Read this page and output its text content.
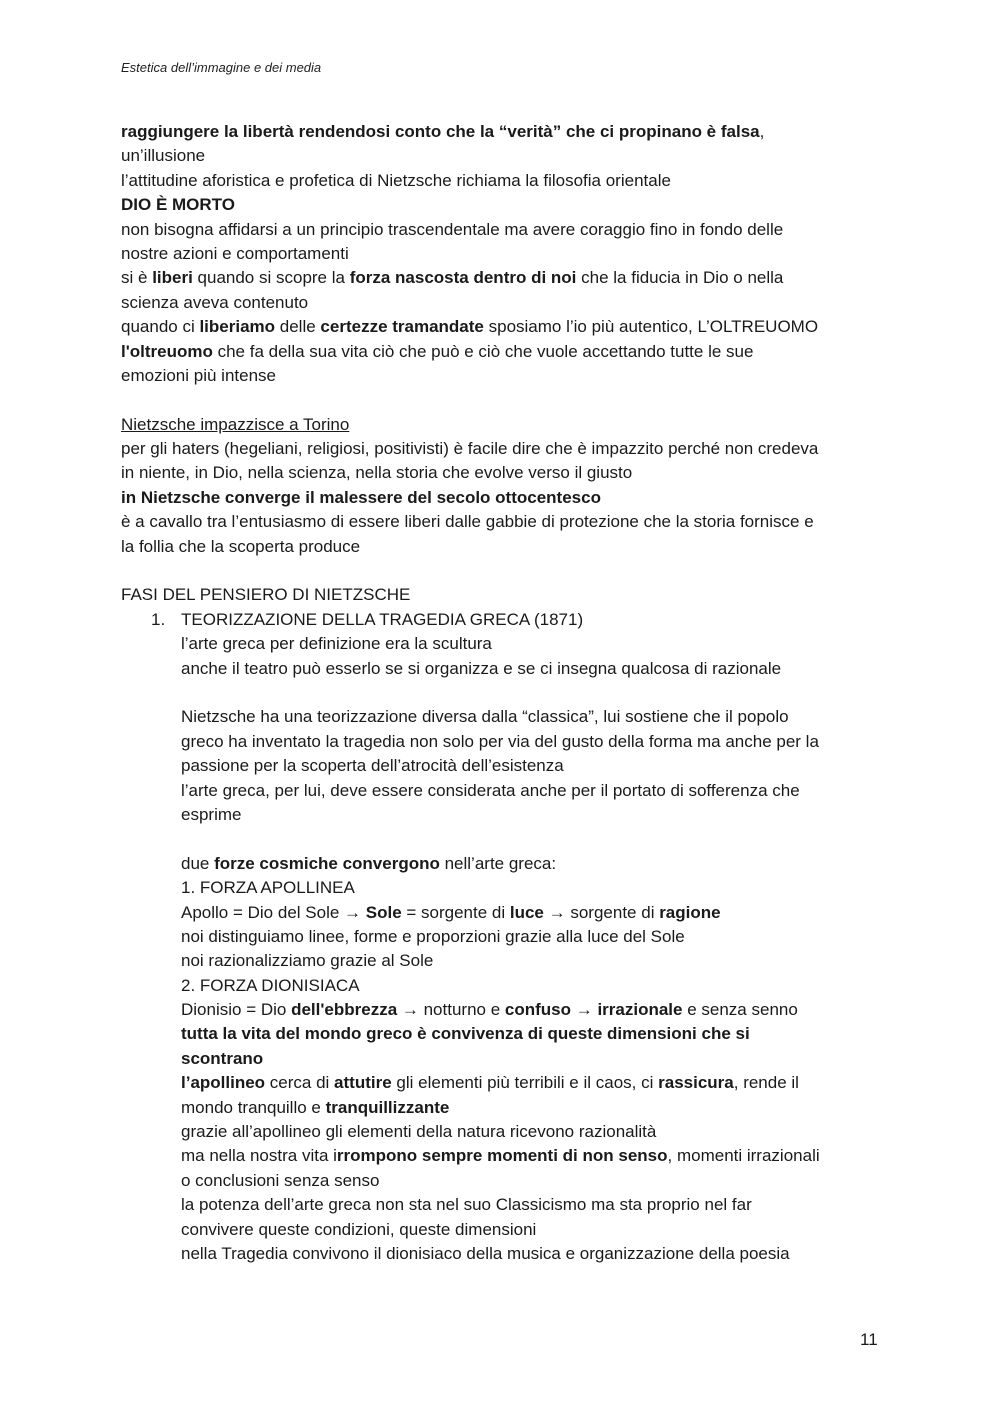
Estetica dell’immagine e dei media
raggiungere la libertà rendendosi conto che la “verità” che ci propinano è falsa,
un’illusione
l’attitudine aforistica e profetica di Nietzsche richiama la filosofia orientale
DIO È MORTO
non bisogna affidarsi a un principio trascendentale ma avere coraggio fino in fondo delle
nostre azioni e comportamenti
si è liberi quando si scopre la forza nascosta dentro di noi che la fiducia in Dio o nella
scienza aveva contenuto
quando ci liberiamo delle certezze tramandate sposiamo l’io più autentico, L’OLTREUOMO
l'oltreuomo che fa della sua vita ciò che può e ciò che vuole accettando tutte le sue
emozioni più intense
Nietzsche impazzisce a Torino
per gli haters (hegeliani, religiosi, positivisti) è facile dire che è impazzito perché non credeva
in niente, in Dio, nella scienza, nella storia che evolve verso il giusto
in Nietzsche converge il malessere del secolo ottocentesco
è a cavallo tra l’entusiasmo di essere liberi dalle gabbie di protezione che la storia fornisce e
la follia che la scoperta produce
FASI DEL PENSIERO DI NIETZSCHE
1. TEORIZZAZIONE DELLA TRAGEDIA GRECA (1871)
l’arte greca per definizione era la scultura
anche il teatro può esserlo se si organizza e se ci insegna qualcosa di razionale
Nietzsche ha una teorizzazione diversa dalla “classica”, lui sostiene che il popolo
greco ha inventato la tragedia non solo per via del gusto della forma ma anche per la
passione per la scoperta dell’atrocità dell’esistenza
l’arte greca, per lui, deve essere considerata anche per il portato di sofferenza che
esprime
due forze cosmiche convergono nell’arte greca:
1. FORZA APOLLINEA
Apollo = Dio del Sole → Sole = sorgente di luce → sorgente di ragione
noi distinguiamo linee, forme e proporzioni grazie alla luce del Sole
noi razionalizziamo grazie al Sole
2. FORZA DIONISIACA
Dionisio = Dio dell'ebbrezza → notturno e confuso → irrazionale e senza senno
tutta la vita del mondo greco è convivenza di queste dimensioni che si
scontrano
l’apollineo cerca di attutire gli elementi più terribili e il caos, ci rassicura, rende il
mondo tranquillo e tranquillizzante
grazie all’apollineo gli elementi della natura ricevono razionalità
ma nella nostra vita irrompono sempre momenti di non senso, momenti irrazionali
o conclusioni senza senso
la potenza dell’arte greca non sta nel suo Classicismo ma sta proprio nel far
convivere queste condizioni, queste dimensioni
nella Tragedia convivono il dionisiaco della musica e organizzazione della poesia
11
